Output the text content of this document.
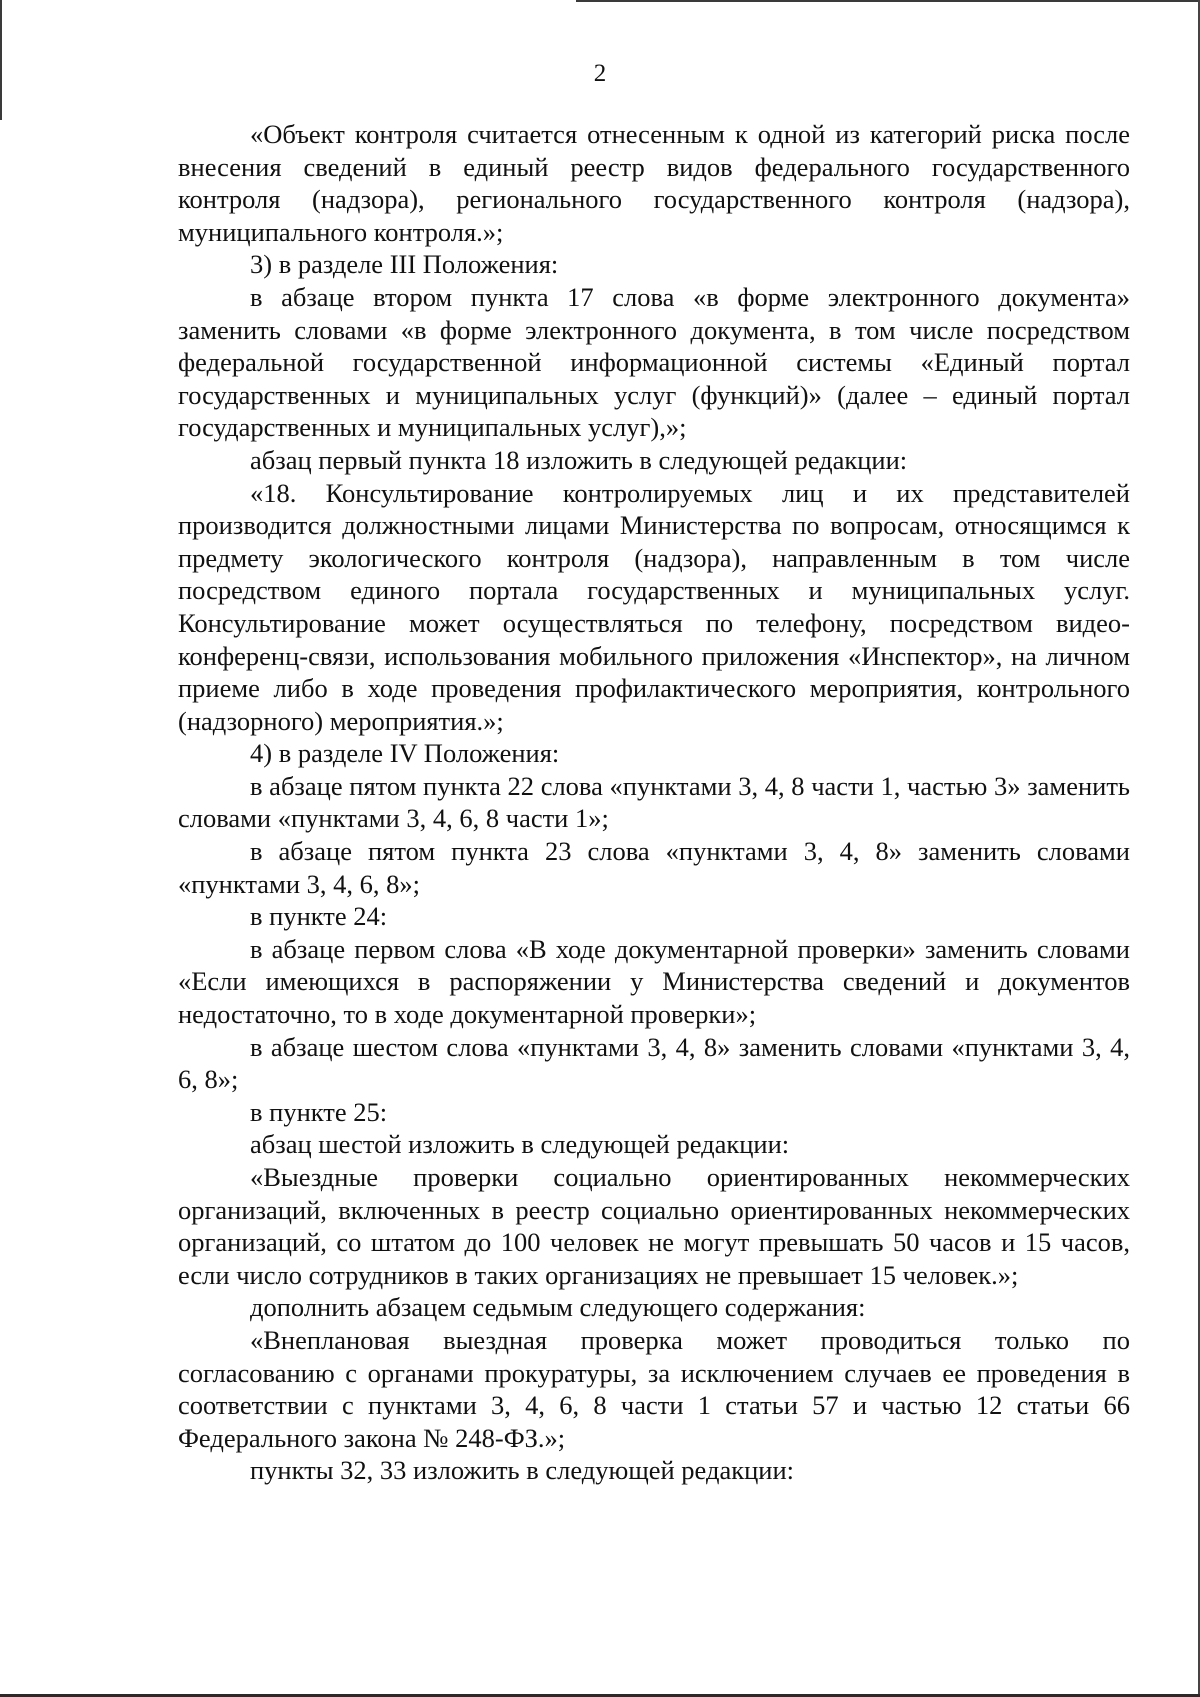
2

«Объект контроля считается отнесенным к одной из категорий риска после внесения сведений в единый реестр видов федерального государственного контроля (надзора), регионального государственного контроля (надзора), муниципального контроля.»;

3) в разделе III Положения:

в абзаце втором пункта 17 слова «в форме электронного документа» заменить словами «в форме электронного документа, в том числе посредством федеральной государственной информационной системы «Единый портал государственных и муниципальных услуг (функций)» (далее – единый портал государственных и муниципальных услуг),»;

абзац первый пункта 18 изложить в следующей редакции:

«18. Консультирование контролируемых лиц и их представителей производится должностными лицами Министерства по вопросам, относящимся к предмету экологического контроля (надзора), направленным в том числе посредством единого портала государственных и муниципальных услуг. Консультирование может осуществляться по телефону, посредством видео-конференц-связи, использования мобильного приложения «Инспектор», на личном приеме либо в ходе проведения профилактического мероприятия, контрольного (надзорного) мероприятия.»;

4) в разделе IV Положения:

в абзаце пятом пункта 22 слова «пунктами 3, 4, 8 части 1, частью 3» заменить словами «пунктами 3, 4, 6, 8 части 1»;

в абзаце пятом пункта 23 слова «пунктами 3, 4, 8» заменить словами «пунктами 3, 4, 6, 8»;

в пункте 24:

в абзаце первом слова «В ходе документарной проверки» заменить словами «Если имеющихся в распоряжении у Министерства сведений и документов недостаточно, то в ходе документарной проверки»;

в абзаце шестом слова «пунктами 3, 4, 8» заменить словами «пунктами 3, 4, 6, 8»;

в пункте 25:

абзац шестой изложить в следующей редакции:

«Выездные проверки социально ориентированных некоммерческих организаций, включенных в реестр социально ориентированных некоммерческих организаций, со штатом до 100 человек не могут превышать 50 часов и 15 часов, если число сотрудников в таких организациях не превышает 15 человек.»;

дополнить абзацем седьмым следующего содержания:

«Внеплановая выездная проверка может проводиться только по согласованию с органами прокуратуры, за исключением случаев ее проведения в соответствии с пунктами 3, 4, 6, 8 части 1 статьи 57 и частью 12 статьи 66 Федерального закона № 248-ФЗ.»;

пункты 32, 33 изложить в следующей редакции:
